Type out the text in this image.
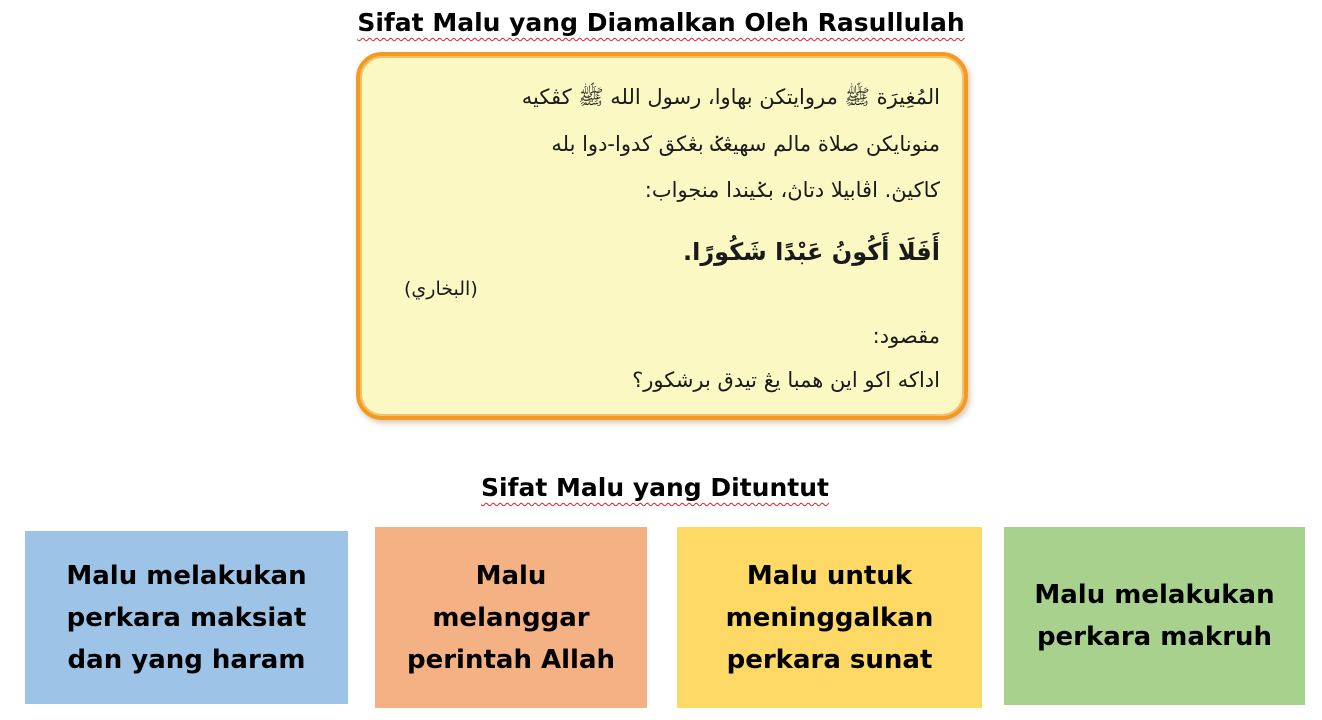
Sifat Malu yang Diamalkan Oleh Rasullulah
المُغِيرَة ﷺ مروايتكن بهاوا، رسول الله ﷺ كڤكيه
منونايكن صلاة مالم سهيڠݢ بڠكق كدوا-دوا بله
كاكيڽ. اڤابيلا دتاڽ، بݢيندا منجواب:
أَفَلَا أَكُونُ عَبْدًا شَكُورًا.
(البخاري)
مقصود:
اداكه اكو اين همبا يڠ تيدق برشكور؟
Sifat Malu yang Dituntut
Malu melakukan
perkara maksiat
dan yang haram
Malu
melanggar
perintah Allah
Malu untuk
meninggalkan
perkara sunat
Malu melakukan
perkara makruh
